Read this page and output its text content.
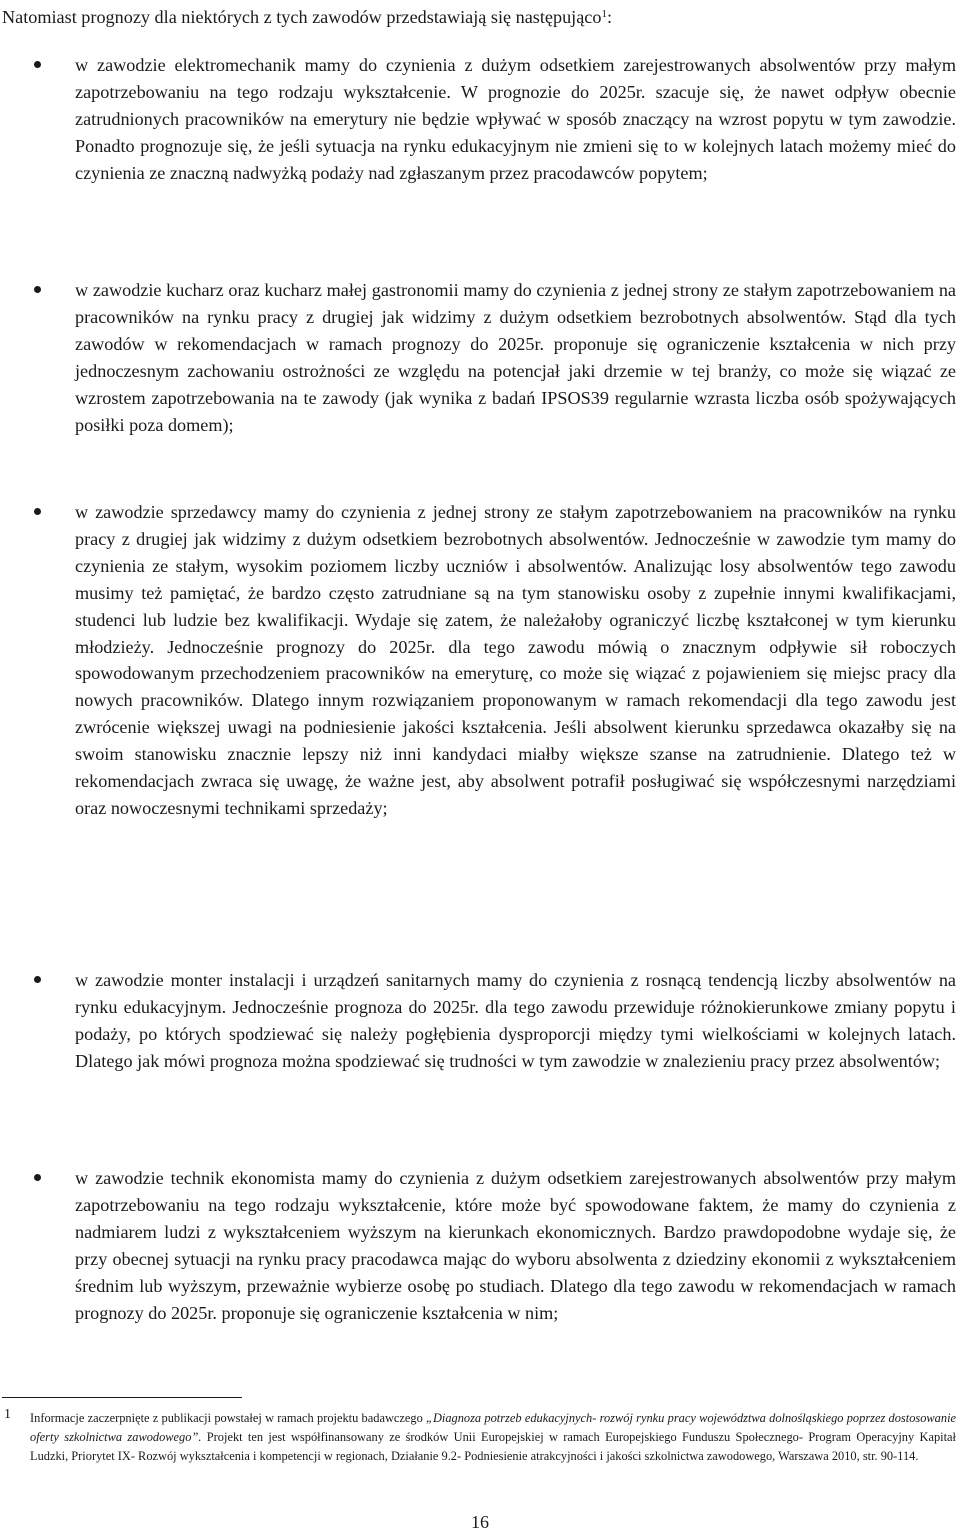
Natomiast prognozy dla niektórych z tych zawodów przedstawiają się następująco$^1$:

w zawodzie elektromechanik mamy do czynienia z dużym odsetkiem zarejestrowanych absolwentów przy małym zapotrzebowaniu na tego rodzaju wykształcenie. W prognozie do 2025r. szacuje się, że nawet odpływ obecnie zatrudnionych pracowników na emerytury nie będzie wpływać w sposób znaczący na wzrost popytu w tym zawodzie. Ponadto prognozuje się, że jeśli sytuacja na rynku edukacyjnym nie zmieni się to w kolejnych latach możemy mieć do czynienia ze znaczną nadwyżką podaży nad zgłaszanym przez pracodawców popytem;

w zawodzie kucharz oraz kucharz małej gastronomii mamy do czynienia z jednej strony ze stałym zapotrzebowaniem na pracowników na rynku pracy z drugiej jak widzimy z dużym odsetkiem bezrobotnych absolwentów. Stąd dla tych zawodów w rekomendacjach w ramach prognozy do 2025r. proponuje się ograniczenie kształcenia w nich przy jednoczesnym zachowaniu ostrożności ze względu na potencjał jaki drzemie w tej branży, co może się wiązać ze wzrostem zapotrzebowania na te zawody (jak wynika z badań IPSOS39 regularnie wzrasta liczba osób spożywających posiłki poza domem);

w zawodzie sprzedawcy mamy do czynienia z jednej strony ze stałym zapotrzebowaniem na pracowników na rynku pracy z drugiej jak widzimy z dużym odsetkiem bezrobotnych absolwentów. Jednocześnie w zawodzie tym mamy do czynienia ze stałym, wysokim poziomem liczby uczniów i absolwentów. Analizując losy absolwentów tego zawodu musimy też pamiętać, że bardzo często zatrudniane są na tym stanowisku osoby z zupełnie innymi kwalifikacjami, studenci lub ludzie bez kwalifikacji. Wydaje się zatem, że należałoby ograniczyć liczbę kształconej w tym kierunku młodzieży. Jednocześnie prognozy do 2025r. dla tego zawodu mówią o znacznym odpływie sił roboczych spowodowanym przechodzeniem pracowników na emeryturę, co może się wiązać z pojawieniem się miejsc pracy dla nowych pracowników. Dlatego innym rozwiązaniem proponowanym w ramach rekomendacji dla tego zawodu jest zwrócenie większej uwagi na podniesienie jakości kształcenia. Jeśli absolwent kierunku sprzedawca okazałby się na swoim stanowisku znacznie lepszy niż inni kandydaci miałby większe szanse na zatrudnienie. Dlatego też w rekomendacjach zwraca się uwagę, że ważne jest, aby absolwent potrafił posługiwać się współczesnymi narzędziami oraz nowoczesnymi technikami sprzedaży;

w zawodzie monter instalacji i urządzeń sanitarnych mamy do czynienia z rosnącą tendencją liczby absolwentów na rynku edukacyjnym. Jednocześnie prognoza do 2025r. dla tego zawodu przewiduje różnokierunkowe zmiany popytu i podaży, po których spodziewać się należy pogłębienia dysproporcji między tymi wielkościami w kolejnych latach. Dlatego jak mówi prognoza można spodziewać się trudności w tym zawodzie w znalezieniu pracy przez absolwentów;

w zawodzie technik ekonomista mamy do czynienia z dużym odsetkiem zarejestrowanych absolwentów przy małym zapotrzebowaniu na tego rodzaju wykształcenie, które może być spowodowane faktem, że mamy do czynienia z nadmiarem ludzi z wykształceniem wyższym na kierunkach ekonomicznych. Bardzo prawdopodobne wydaje się, że przy obecnej sytuacji na rynku pracy pracodawca mając do wyboru absolwenta z dziedziny ekonomii z wykształceniem średnim lub wyższym, przeważnie wybierze osobę po studiach. Dlatego dla tego zawodu w rekomendacjach w ramach prognozy do 2025r. proponuje się ograniczenie kształcenia w nim;

1 Informacje zaczerpnięte z publikacji powstałej w ramach projektu badawczego „Diagnoza potrzeb edukacyjnych- rozwój rynku pracy województwa dolnośląskiego poprzez dostosowanie oferty szkolnictwa zawodowego”. Projekt ten jest współfinansowany ze środków Unii Europejskiej w ramach Europejskiego Funduszu Społecznego- Program Operacyjny Kapitał Ludzki, Priorytet IX- Rozwój wykształcenia i kompetencji w regionach, Działanie 9.2- Podniesienie atrakcyjności i jakości szkolnictwa zawodowego, Warszawa 2010, str. 90-114.

16
